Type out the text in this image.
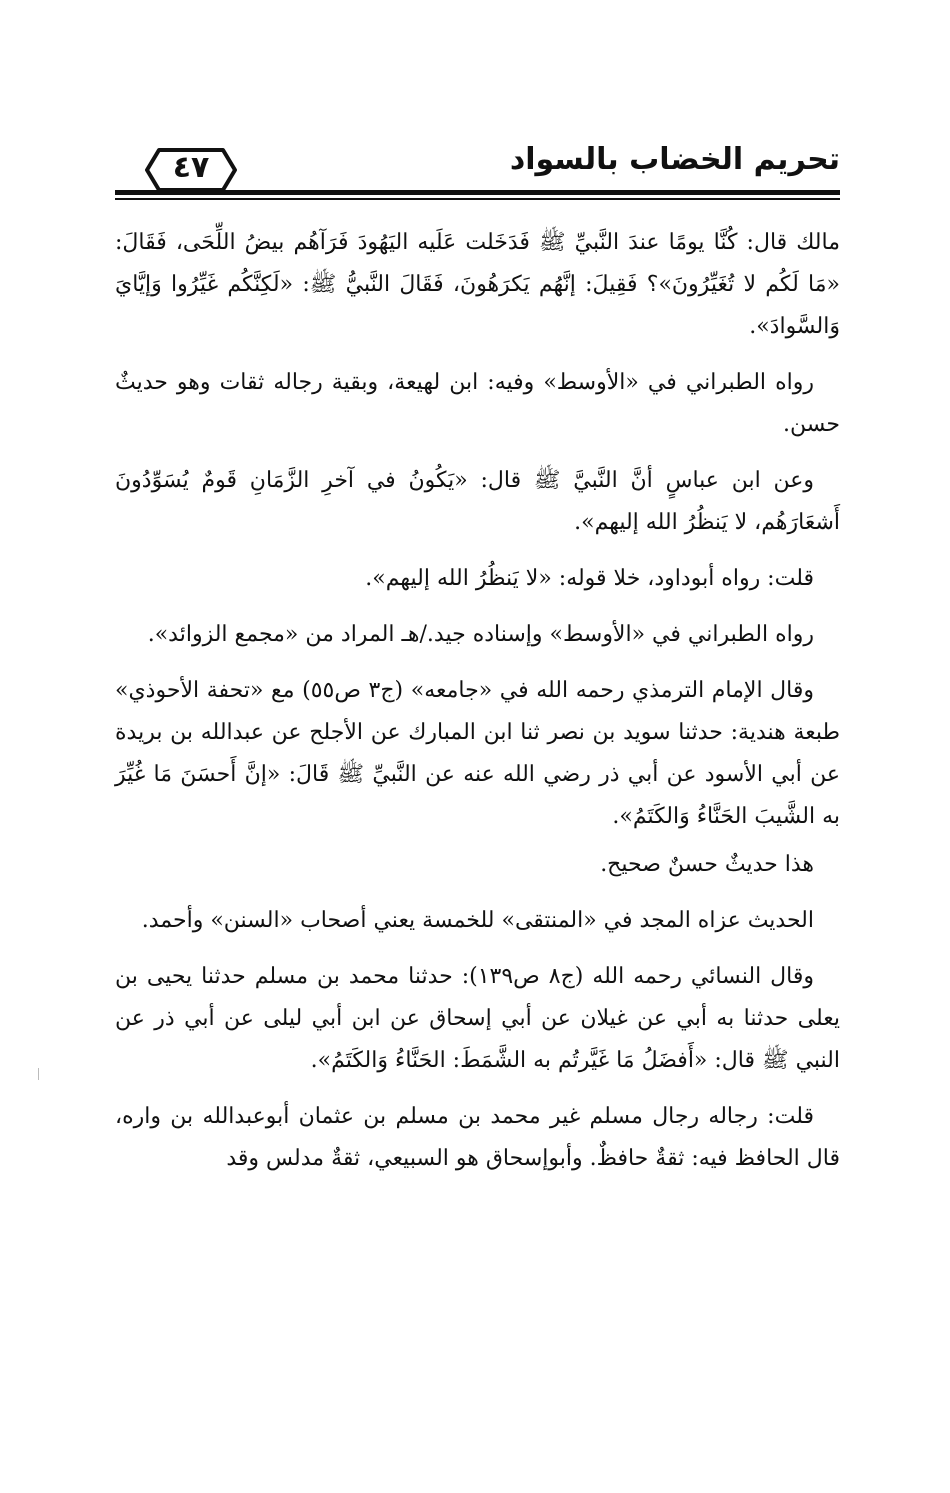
تحريم الخضاب بالسواد
٤٧

مالك قال: كُنَّا يومًا عندَ النَّبيِّ ﷺ فَدَخَلت عَلَيه اليَهُودَ فَرَآهُم بيضُ اللِّحَى، فَقَالَ: «مَا لَكُم لا تُغَيِّرُونَ»؟ فَقِيلَ: إنَّهُم يَكرَهُونَ، فَقَالَ النَّبيُّ ﷺ: «لَكِنَّكُم غَيِّرُوا وَإيَّايَ وَالسَّوادَ».

رواه الطبراني في «الأوسط» وفيه: ابن لهيعة، وبقية رجاله ثقات وهو حديثٌ حسن.

وعن ابن عباسٍ أنَّ النَّبيَّ ﷺ قال: «يَكُونُ في آخرِ الزَّمَانِ قَومٌ يُسَوِّدُونَ أَشعَارَهُم، لا يَنظُرُ الله إليهم».

قلت: رواه أبوداود، خلا قوله: «لا يَنظُرُ الله إليهم».

رواه الطبراني في «الأوسط» وإسناده جيد./هـ المراد من «مجمع الزوائد».

وقال الإمام الترمذي رحمه الله في «جامعه» (ج٣ ص٥٥) مع «تحفة الأحوذي» طبعة هندية: حدثنا سويد بن نصر ثنا ابن المبارك عن الأجلح عن عبدالله بن بريدة عن أبي الأسود عن أبي ذر رضي الله عنه عن النَّبيِّ ﷺ قَالَ: «إنَّ أَحسَنَ مَا غُيِّرَ به الشَّيبَ الحَنَّاءُ وَالكَتَمُ».

هذا حديثٌ حسنٌ صحيح.

الحديث عزاه المجد في «المنتقى» للخمسة يعني أصحاب «السنن» وأحمد.

وقال النسائي رحمه الله (ج٨ ص١٣٩): حدثنا محمد بن مسلم حدثنا يحيى بن يعلى حدثنا به أبي عن غيلان عن أبي إسحاق عن ابن أبي ليلى عن أبي ذر عن النبي ﷺ قال: «أَفضَلُ مَا غَيَّرتُم به الشَّمَطَ: الحَنَّاءُ وَالكَتَمُ».

قلت: رجاله رجال مسلم غير محمد بن مسلم بن عثمان أبوعبدالله بن واره، قال الحافظ فيه: ثقةٌ حافظٌ. وأبوإسحاق هو السبيعي، ثقةٌ مدلس وقد
